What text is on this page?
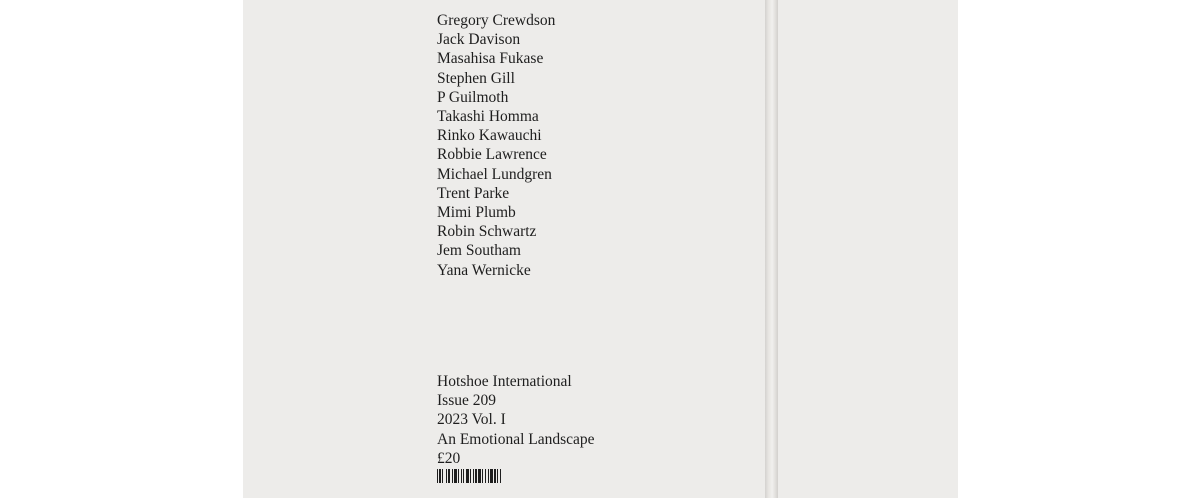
Gregory Crewdson
Jack Davison
Masahisa Fukase
Stephen Gill
P Guilmoth
Takashi Homma
Rinko Kawauchi
Robbie Lawrence
Michael Lundgren
Trent Parke
Mimi Plumb
Robin Schwartz
Jem Southam
Yana Wernicke
Hotshoe International
Issue 209
2023 Vol. I
An Emotional Landscape
£20
